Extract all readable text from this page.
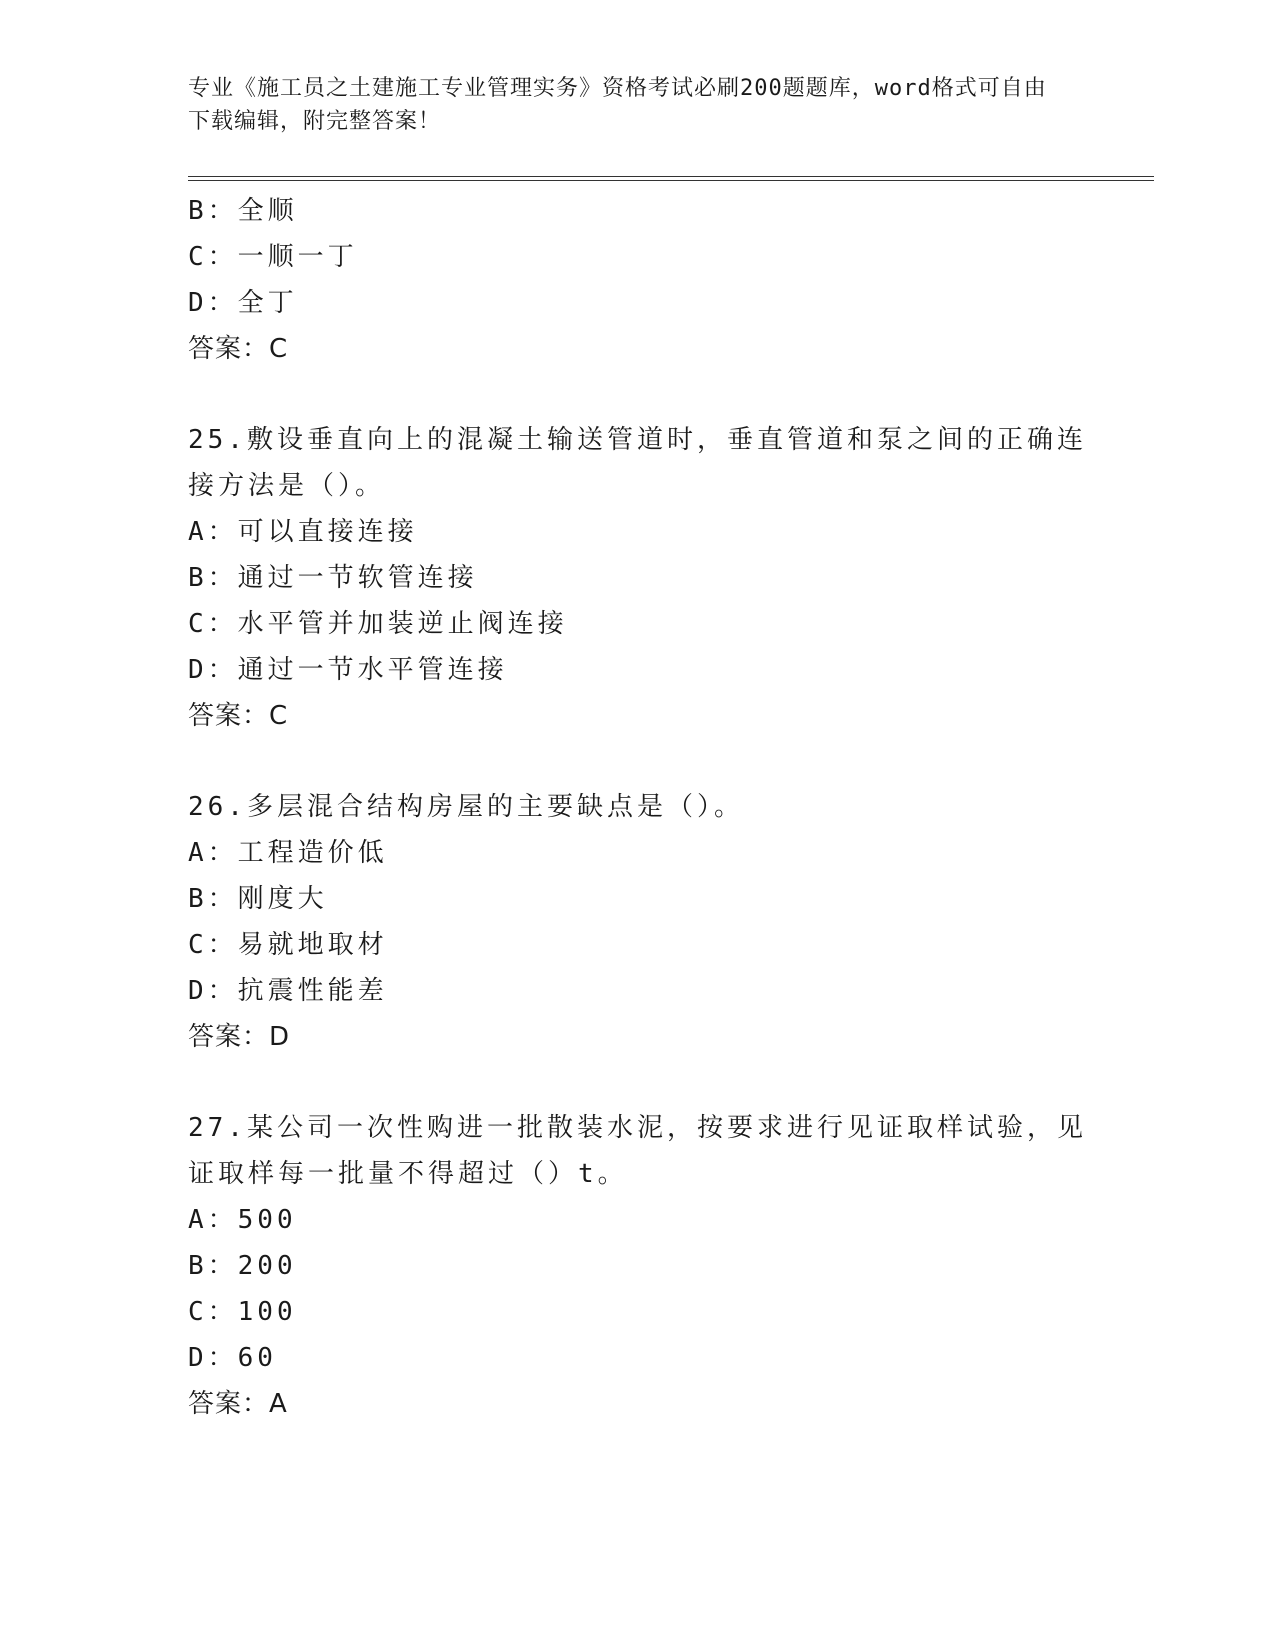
专业《施工员之土建施工专业管理实务》资格考试必刷200题题库，word格式可自由下载编辑，附完整答案！
B：全顺
C：一顺一丁
D：全丁
答案：C
25.敷设垂直向上的混凝土输送管道时，垂直管道和泵之间的正确连接方法是（）。
A：可以直接连接
B：通过一节软管连接
C：水平管并加装逆止阀连接
D：通过一节水平管连接
答案：C
26.多层混合结构房屋的主要缺点是（）。
A：工程造价低
B：刚度大
C：易就地取材
D：抗震性能差
答案：D
27.某公司一次性购进一批散装水泥，按要求进行见证取样试验，见证取样每一批量不得超过（）t。
A：500
B：200
C：100
D：60
答案：A
